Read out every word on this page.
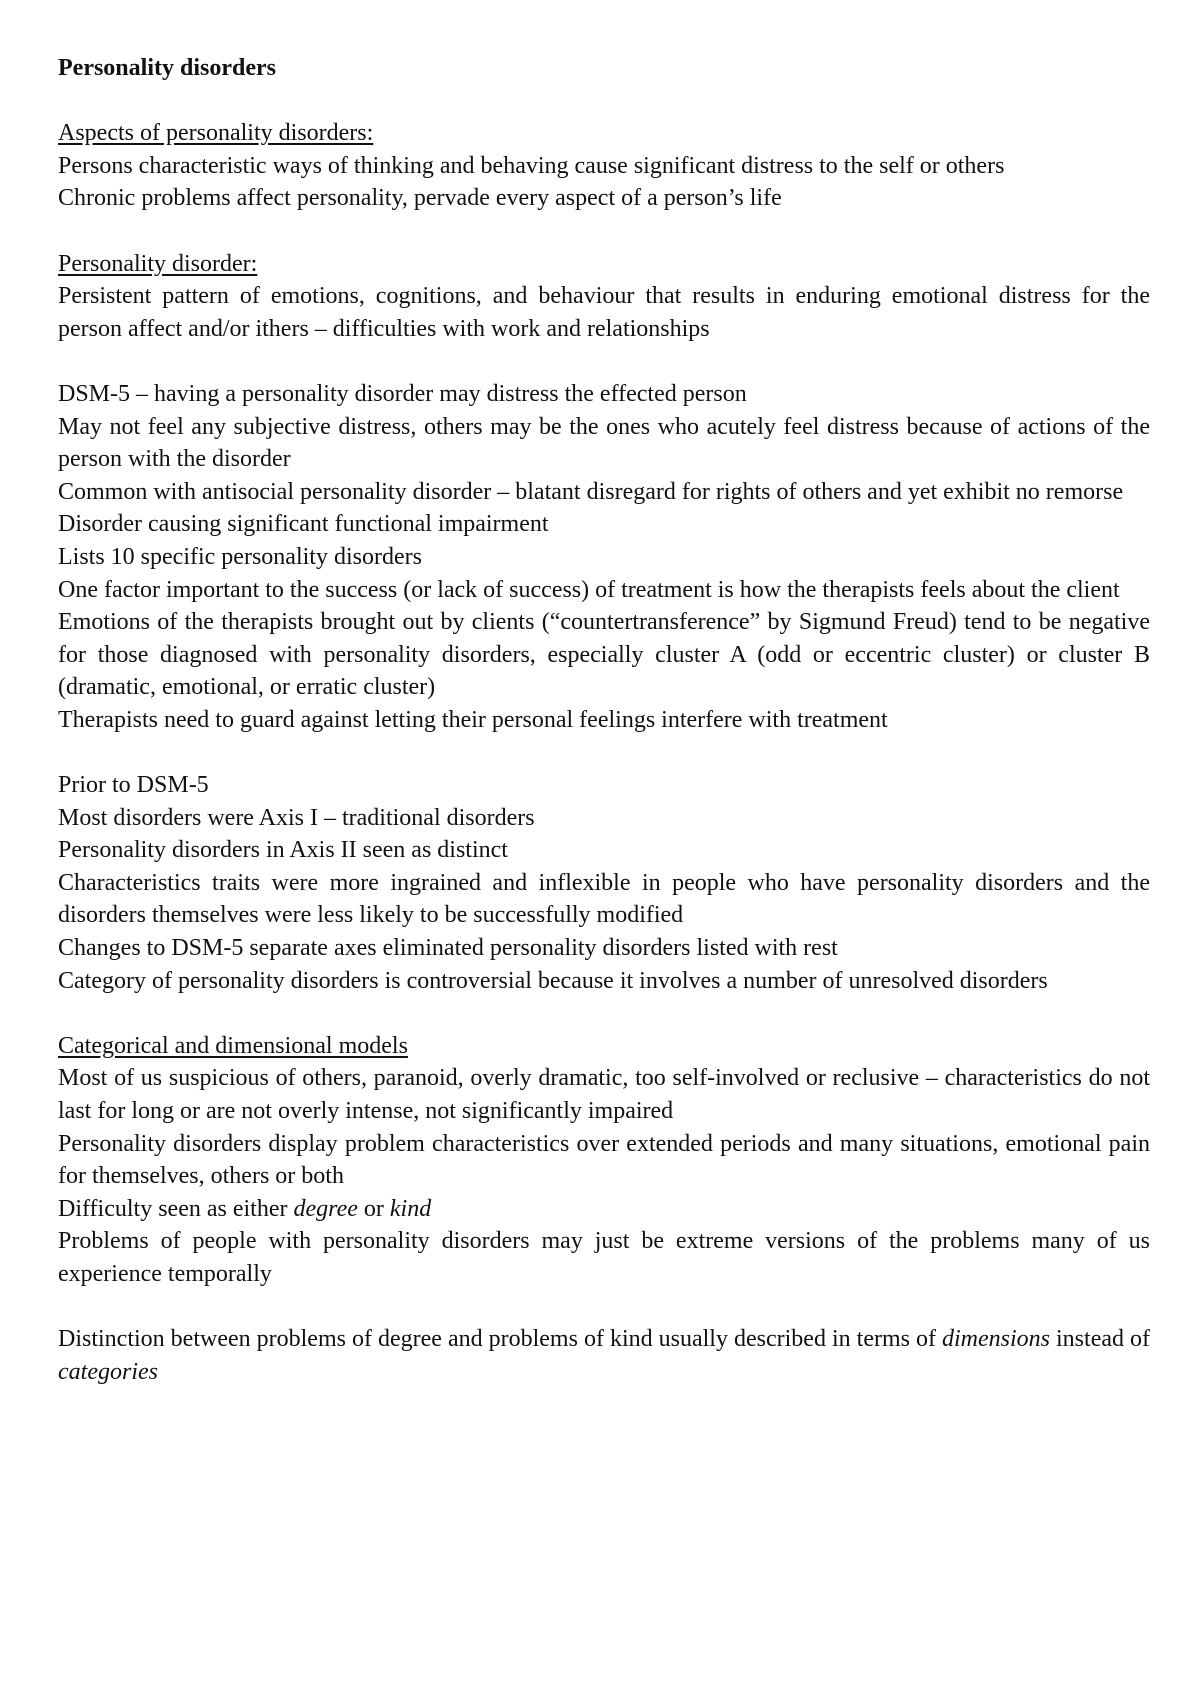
Personality disorders

Aspects of personality disorders:

Persons characteristic ways of thinking and behaving cause significant distress to the self or others

Chronic problems affect personality, pervade every aspect of a person’s life

Personality disorder:

Persistent pattern of emotions, cognitions, and behaviour that results in enduring emotional distress for the person affect and/or ithers – difficulties with work and relationships

DSM-5 – having a personality disorder may distress the effected person

May not feel any subjective distress, others may be the ones who acutely feel distress because of actions of the person with the disorder

Common with antisocial personality disorder – blatant disregard for rights of others and yet exhibit no remorse

Disorder causing significant functional impairment

Lists 10 specific personality disorders

One factor important to the success (or lack of success) of treatment is how the therapists feels about the client

Emotions of the therapists brought out by clients (“countertransference” by Sigmund Freud) tend to be negative for those diagnosed with personality disorders, especially cluster A (odd or eccentric cluster) or cluster B (dramatic, emotional, or erratic cluster)

Therapists need to guard against letting their personal feelings interfere with treatment

Prior to DSM-5

Most disorders were Axis I – traditional disorders

Personality disorders in Axis II seen as distinct

Characteristics traits were more ingrained and inflexible in people who have personality disorders and the disorders themselves were less likely to be successfully modified

Changes to DSM-5 separate axes eliminated personality disorders listed with rest

Category of personality disorders is controversial because it involves a number of unresolved disorders

Categorical and dimensional models

Most of us suspicious of others, paranoid, overly dramatic, too self-involved or reclusive – characteristics do not last for long or are not overly intense, not significantly impaired

Personality disorders display problem characteristics over extended periods and many situations, emotional pain for themselves, others or both

Difficulty seen as either degree or kind

Problems of people with personality disorders may just be extreme versions of the problems many of us experience temporally

Distinction between problems of degree and problems of kind usually described in terms of dimensions instead of categories
